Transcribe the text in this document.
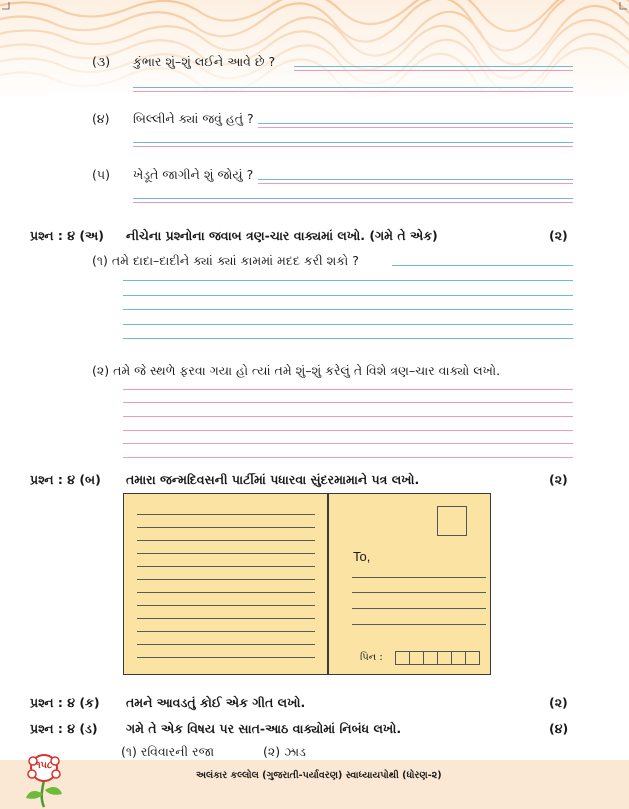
(૩) કુંભાર શું–શું લઈને આવે છે ?
(૪) બિલ્લીને ક્યાં જવું હતું ?
(૫) ખેડૂતે જાગીને શું જોયું ?
પ્રશ્ન : ૪ (અ) નીચેના પ્રશ્નોના જવાબ ત્રણ-ચાર વાક્યમાં લખો. (ગમે તે એક)	(૨)
(૧) તમે દાદા–દાદીને ક્યાં ક્યાં કામમાં મદદ કરી શકો ?
(૨) તમે જે સ્થળે ફરવા ગયા હો ત્યાં તમે શું–શું કરેલું તે વિશે ત્રણ–ચાર વાક્યો લખો.
પ્રશ્ન : ૪ (બ) તમારા જન્મદિવસની પાર્ટીમાં પધારવા સુંદરમામાને પત્ર લખો.	(૨)
To,
પિન :
પ્રશ્ન : ૪ (ક) તમને આવડતું કોઈ એક ગીત લખો.	(૨)
પ્રશ્ન : ૪ (ડ) ગમે તે એક વિષય પર સાત-આઠ વાક્યોમાં નિબંધ લખો.	(૪)
(૧) રવિવારની રજા	(૨) ઝાડ
૧૫૮
અલંકાર કલ્લોલ (ગુજરાતી-પર્યાવરણ) સ્વાધ્યાયપોથી (ધોરણ-૨)
